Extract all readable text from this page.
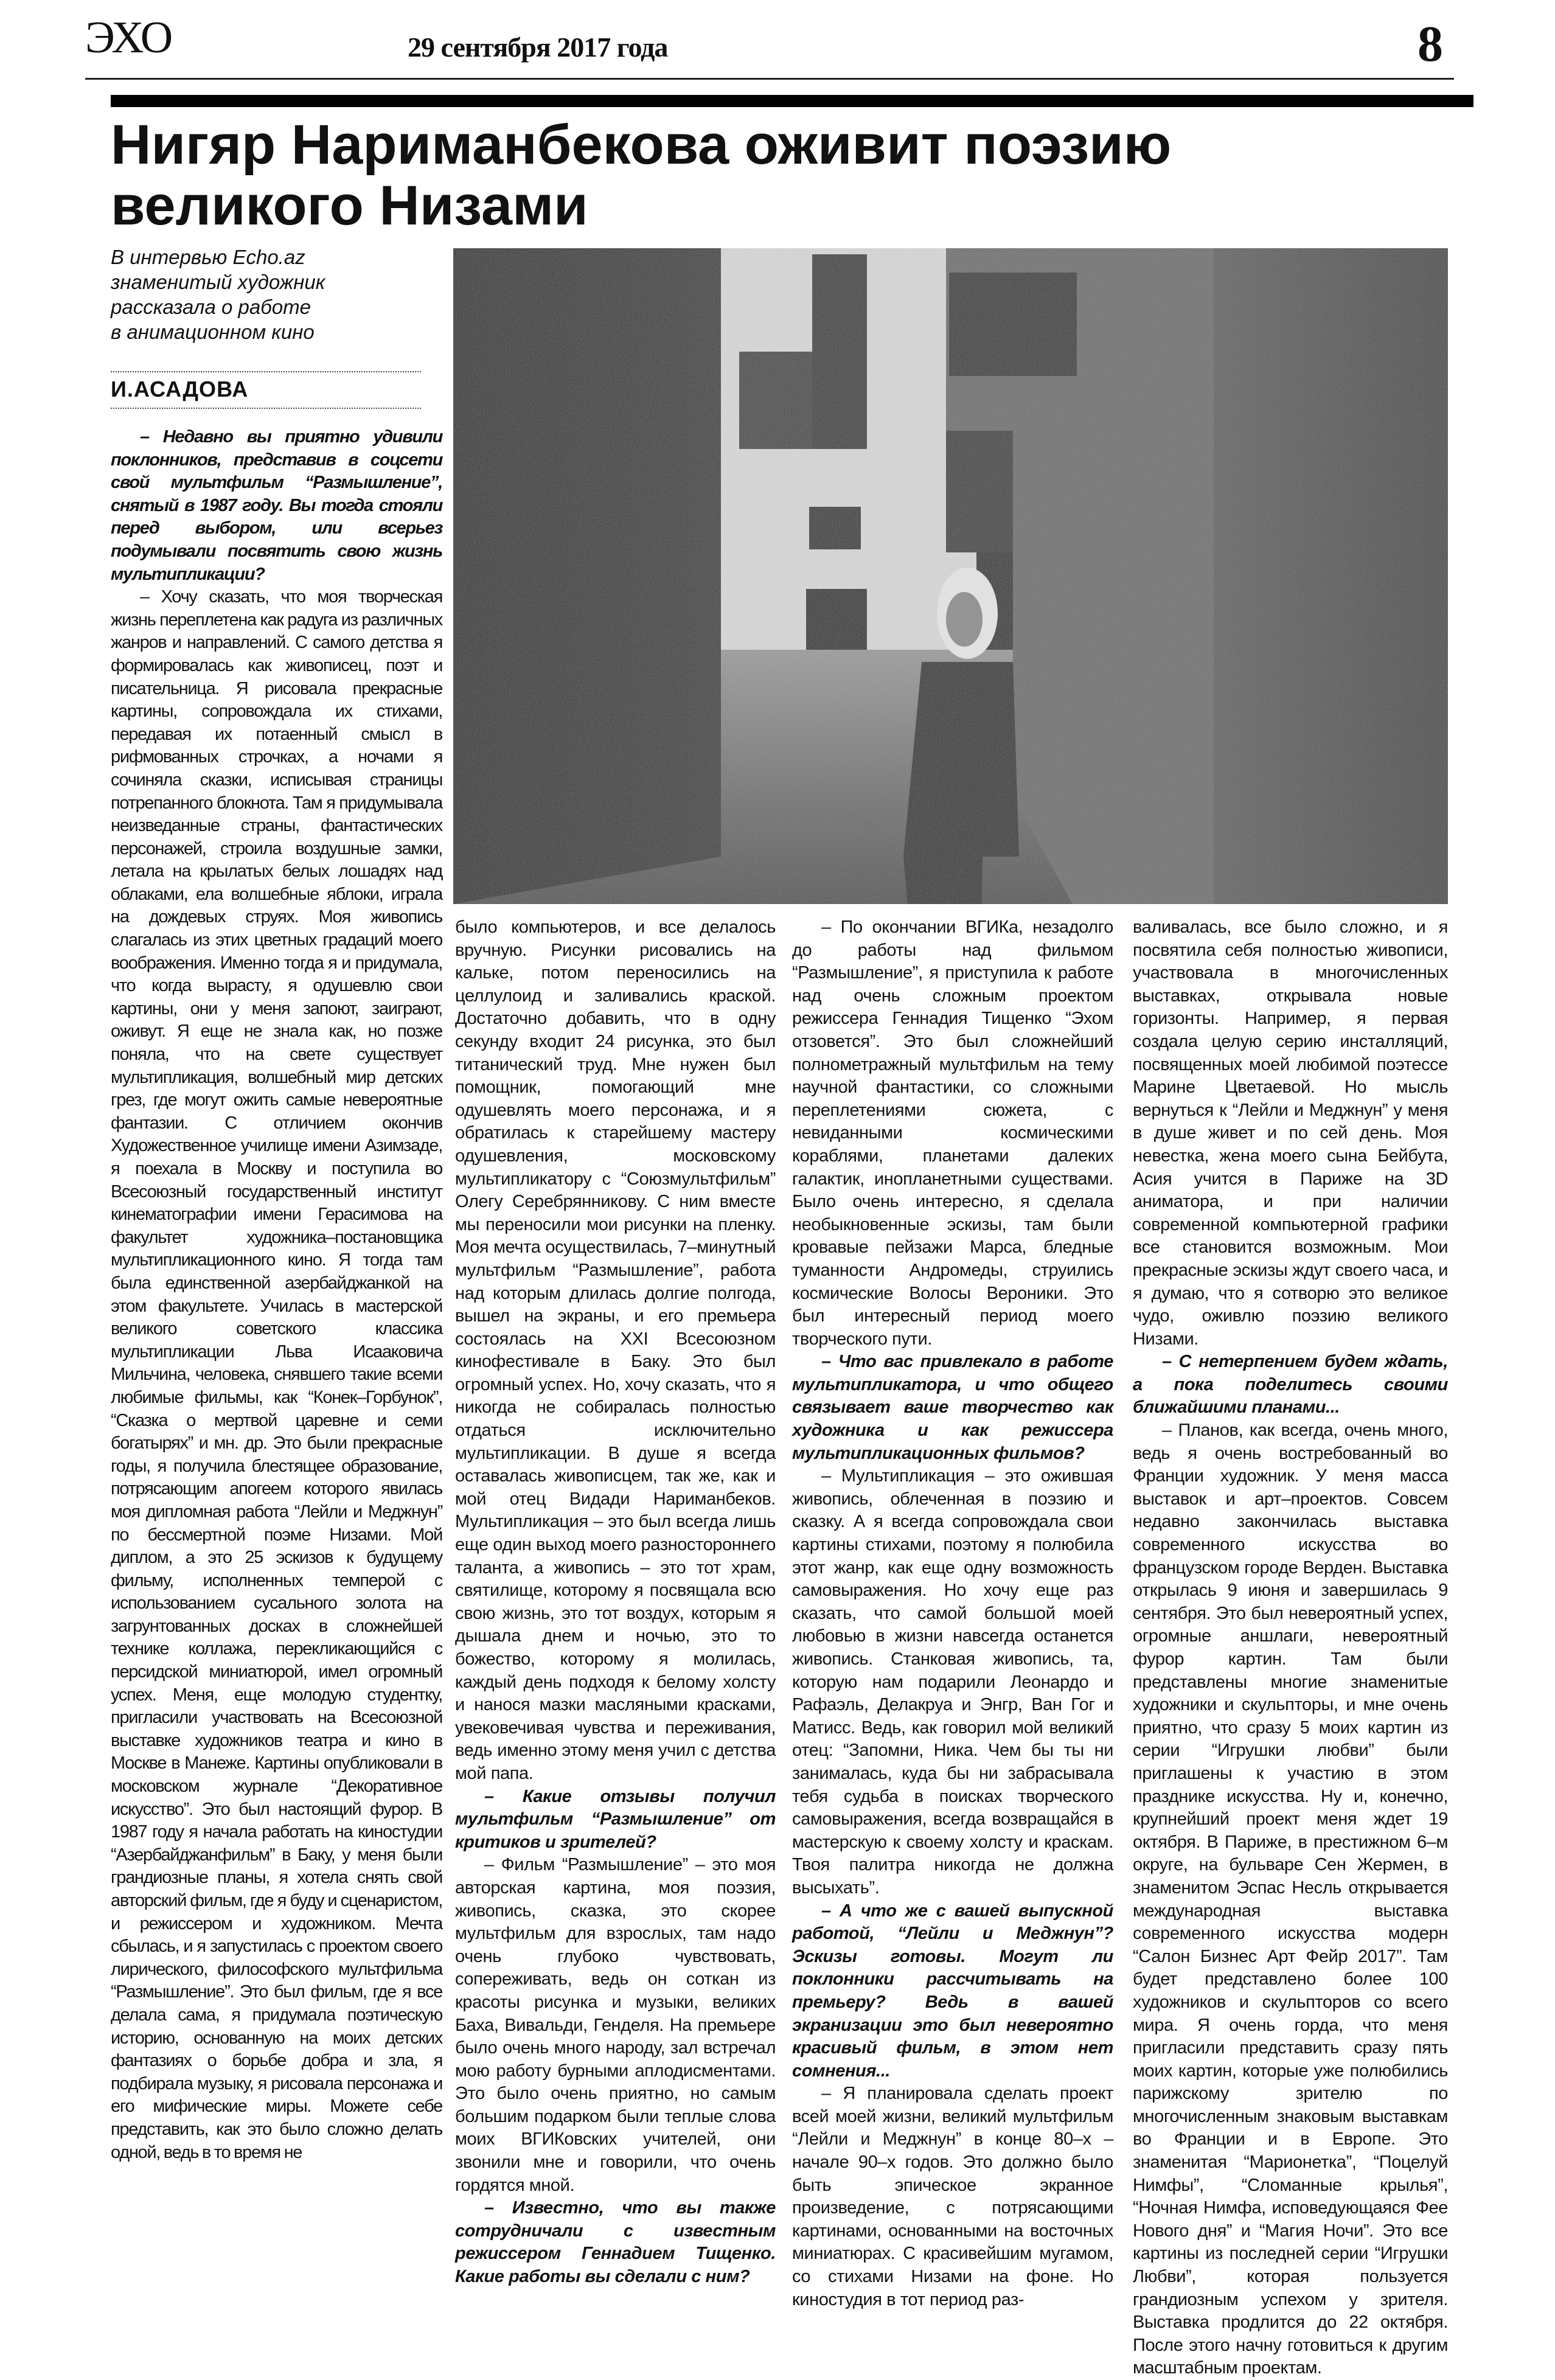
ЭХО	29 сентября 2017 года	8
Нигяр Нариманбекова оживит поэзию
великого Низами
В интервью Echo.az
знаменитый художник
рассказала о работе
в анимационном кино
И.АСАДОВА

– Недавно вы приятно удивили поклонников, представив в соцсети свой мультфильм “Размышление”, снятый в 1987 году. Вы тогда стояли перед выбором, или всерьез подумывали посвятить свою жизнь мультипликации?

– Хочу сказать, что моя творческая жизнь переплетена как радуга из различных жанров и направлений. С самого детства я формировалась как живописец, поэт и писательница. Я рисовала прекрасные картины, сопровождала их стихами, передавая их потаенный смысл в рифмованных строчках, а ночами я сочиняла сказки, исписывая страницы потрепанного блокнота. Там я придумывала неизведанные страны, фантастических персонажей, строила воздушные замки, летала на крылатых белых лошадях над облаками, ела волшебные яблоки, играла на дождевых струях. Моя живопись слагалась из этих цветных градаций моего воображения. Именно тогда я и придумала, что когда вырасту, я одушевлю свои картины, они у меня запоют, заиграют, оживут. Я еще не знала как, но позже поняла, что на свете существует мультипликация, волшебный мир детских грез, где могут ожить самые невероятные фантазии. С отличием окончив Художественное училище имени Азимзаде, я поехала в Москву и поступила во Всесоюзный государственный институт кинематографии имени Герасимова на факультет художника–постановщика мультипликационного кино. Я тогда там была единственной азербайджанкой на этом факультете. Училась в мастерской великого советского классика мультипликации Льва Исааковича Мильчина, человека, снявшего такие всеми любимые фильмы, как “Конек–Горбунок”, “Сказка о мертвой царевне и семи богатырях” и мн. др. Это были прекрасные годы, я получила блестящее образование, потрясающим апогеем которого явилась моя дипломная работа “Лейли и Меджнун” по бессмертной поэме Низами. Мой диплом, а это 25 эскизов к будущему фильму, исполненных темперой с использованием сусального золота на загрунтованных досках в сложнейшей технике коллажа, перекликающийся с персидской миниатюрой, имел огромный успех. Меня, еще молодую студентку, пригласили участвовать на Всесоюзной выставке художников театра и кино в Москве в Манеже. Картины опубликовали в московском журнале “Декоративное искусство”. Это был настоящий фурор. В 1987 году я начала работать на киностудии “Азербайджанфильм” в Баку, у меня были грандиозные планы, я хотела снять свой авторский фильм, где я буду и сценаристом, и режиссером и художником. Мечта сбылась, и я запустилась с проектом своего лирического, философского мультфильма “Размышление”. Это был фильм, где я все делала сама, я придумала поэтическую историю, основанную на моих детских фантазиях о борьбе добра и зла, я подбирала музыку, я рисовала персонажа и его мифические миры. Можете себе представить, как это было сложно делать одной, ведь в то время не

было компьютеров, и все делалось вручную. Рисунки рисовались на кальке, потом переносились на целлулоид и заливались краской. Достаточно добавить, что в одну секунду входит 24 рисунка, это был титанический труд. Мне нужен был помощник, помогающий мне одушевлять моего персонажа, и я обратилась к старейшему мастеру одушевления, московскому мультипликатору с “Союзмультфильм” Олегу Серебрянникову. С ним вместе мы переносили мои рисунки на пленку. Моя мечта осуществилась, 7–минутный мультфильм “Размышление”, работа над которым длилась долгие полгода, вышел на экраны, и его премьера состоялась на XXI Всесоюзном кинофестивале в Баку. Это был огромный успех. Но, хочу сказать, что я никогда не собиралась полностью отдаться исключительно мультипликации. В душе я всегда оставалась живописцем, так же, как и мой отец Видади Нариманбеков. Мультипликация – это был всегда лишь еще один выход моего разностороннего таланта, а живопись – это тот храм, святилище, которому я посвящала всю свою жизнь, это тот воздух, которым я дышала днем и ночью, это то божество, которому я молилась, каждый день подходя к белому холсту и нанося мазки масляными красками, увековечивая чувства и переживания, ведь именно этому меня учил с детства мой папа.

– Какие отзывы получил мультфильм “Размышление” от критиков и зрителей?

– Фильм “Размышление” – это моя авторская картина, моя поэзия, живопись, сказка, это скорее мультфильм для взрослых, там надо очень глубоко чувствовать, сопереживать, ведь он соткан из красоты рисунка и музыки, великих Баха, Вивальди, Генделя. На премьере было очень много народу, зал встречал мою работу бурными аплодисментами. Это было очень приятно, но самым большим подарком были теплые слова моих ВГИКовских учителей, они звонили мне и говорили, что очень гордятся мной.

– Известно, что вы также сотрудничали с известным режиссером Геннадием Тищенко. Какие работы вы сделали с ним?

– По окончании ВГИКа, незадолго до работы над фильмом “Размышление”, я приступила к работе над очень сложным проектом режиссера Геннадия Тищенко “Эхом отзовется”. Это был сложнейший полнометражный мультфильм на тему научной фантастики, со сложными переплетениями сюжета, с невиданными космическими кораблями, планетами далеких галактик, инопланетными существами. Было очень интересно, я сделала необыкновенные эскизы, там были кровавые пейзажи Марса, бледные туманности Андромеды, струились космические Волосы Вероники. Это был интересный период моего творческого пути.

– Что вас привлекало в работе мультипликатора, и что общего связывает ваше творчество как художника и как режиссера мультипликационных фильмов?

– Мультипликация – это ожившая живопись, облеченная в поэзию и сказку. А я всегда сопровождала свои картины стихами, поэтому я полюбила этот жанр, как еще одну возможность самовыражения. Но хочу еще раз сказать, что самой большой моей любовью в жизни навсегда останется живопись. Станковая живопись, та, которую нам подарили Леонардо и Рафаэль, Делакруа и Энгр, Ван Гог и Матисс. Ведь, как говорил мой великий отец: “Запомни, Ника. Чем бы ты ни занималась, куда бы ни забрасывала тебя судьба в поисках творческого самовыражения, всегда возвращайся в мастерскую к своему холсту и краскам. Твоя палитра никогда не должна высыхать”.

– А что же с вашей выпускной работой, “Лейли и Меджнун”? Эскизы готовы. Могут ли поклонники рассчитывать на премьеру? Ведь в вашей экранизации это был невероятно красивый фильм, в этом нет сомнения...

– Я планировала сделать проект всей моей жизни, великий мультфильм “Лейли и Меджнун” в конце 80–х – начале 90–х годов. Это должно было быть эпическое экранное произведение, с потрясающими картинами, основанными на восточных миниатюрах. С красивейшим мугамом, со стихами Низами на фоне. Но киностудия в тот период раз-

валивалась, все было сложно, и я посвятила себя полностью живописи, участвовала в многочисленных выставках, открывала новые горизонты. Например, я первая создала целую серию инсталляций, посвященных моей любимой поэтессе Марине Цветаевой. Но мысль вернуться к “Лейли и Меджнун” у меня в душе живет и по сей день. Моя невестка, жена моего сына Бейбута, Асия учится в Париже на 3D аниматора, и при наличии современной компьютерной графики все становится возможным. Мои прекрасные эскизы ждут своего часа, и я думаю, что я сотворю это великое чудо, оживлю поэзию великого Низами.

– С нетерпением будем ждать, а пока поделитесь своими ближайшими планами...

– Планов, как всегда, очень много, ведь я очень востребованный во Франции художник. У меня масса выставок и арт–проектов. Совсем недавно закончилась выставка современного искусства во французском городе Верден. Выставка открылась 9 июня и завершилась 9 сентября. Это был невероятный успех, огромные аншлаги, невероятный фурор картин. Там были представлены многие знаменитые художники и скульпторы, и мне очень приятно, что сразу 5 моих картин из серии “Игрушки любви” были приглашены к участию в этом празднике искусства. Ну и, конечно, крупнейший проект меня ждет 19 октября. В Париже, в престижном 6–м округе, на бульваре Сен Жермен, в знаменитом Эспас Несль открывается международная выставка современного искусства модерн “Салон Бизнес Арт Фейр 2017”. Там будет представлено более 100 художников и скульпторов со всего мира. Я очень горда, что меня пригласили представить сразу пять моих картин, которые уже полюбились парижскому зрителю по многочисленным знаковым выставкам во Франции и в Европе. Это знаменитая “Марионетка”, “Поцелуй Нимфы”, “Сломанные крылья”, “Ночная Нимфа, исповедующаяся Фее Нового дня” и “Магия Ночи”. Это все картины из последней серии “Игрушки Любви”, которая пользуется грандиозным успехом у зрителя. Выставка продлится до 22 октября. После этого начну готовиться к другим масштабным проектам.
